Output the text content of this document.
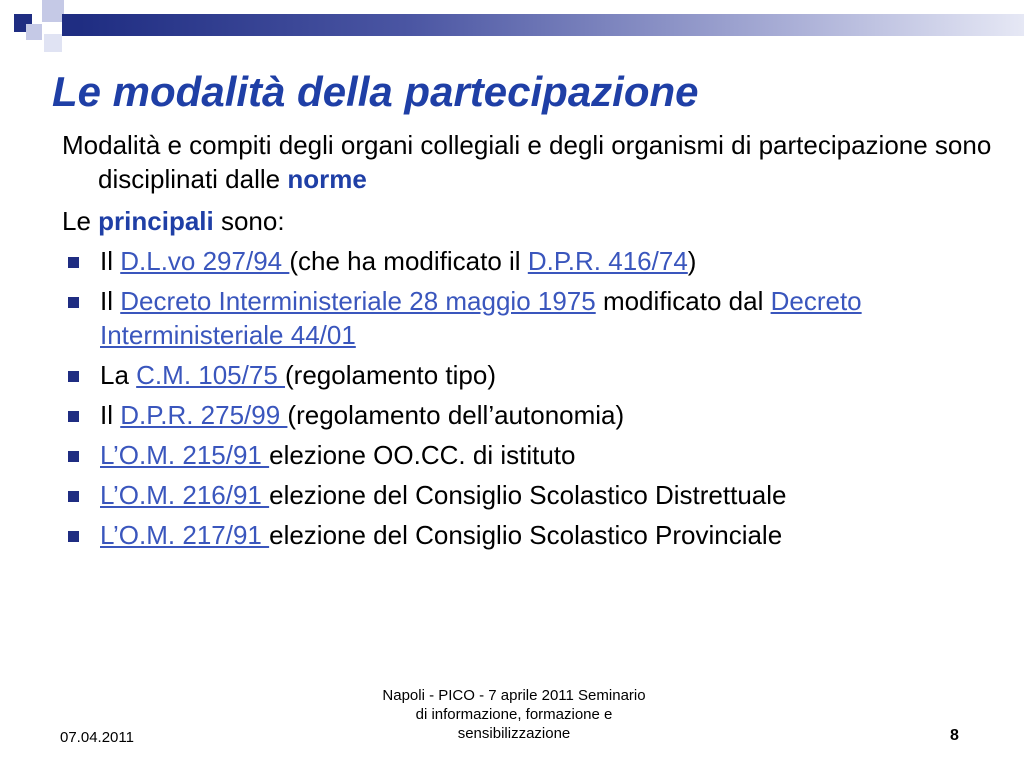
Le modalità della partecipazione

Modalità e compiti degli organi collegiali e degli organismi di partecipazione sono disciplinati dalle norme

Le principali sono:

Il D.L.vo 297/94 (che ha modificato il D.P.R. 416/74)
Il Decreto Interministeriale 28 maggio 1975 modificato dal Decreto Interministeriale 44/01
La C.M. 105/75 (regolamento tipo)
Il D.P.R. 275/99 (regolamento dell’autonomia)
L’O.M. 215/91 elezione OO.CC. di istituto
L’O.M. 216/91 elezione del Consiglio Scolastico Distrettuale
L’O.M. 217/91 elezione del Consiglio Scolastico Provinciale
07.04.2011
Napoli - PICO - 7 aprile 2011 Seminario
di informazione, formazione e
sensibilizzazione	8
